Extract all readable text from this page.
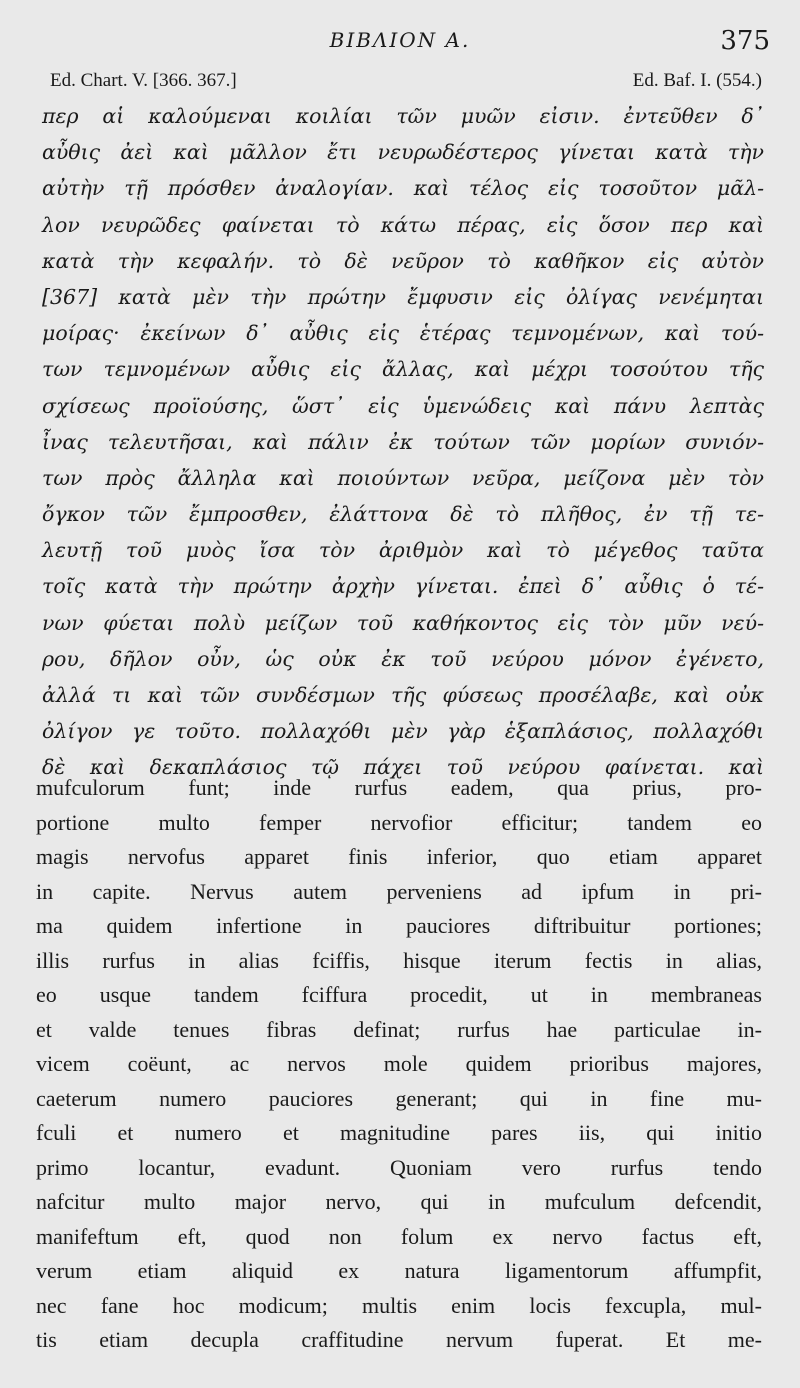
ΒΙΒΛΙΟΝ Α.	375
Ed. Chart. V. [366. 367.]	Ed. Baf. I. (554.)
περ αἱ καλούμεναι κοιλίαι τῶν μυῶν εἰσιν. ἐντεῦθεν δ᾽
αὖθις ἀεὶ καὶ μᾶλλον ἔτι νευρωδέστερος γίνεται κατὰ τὴν
αὐτὴν τῇ πρόσθεν ἀναλογίαν. καὶ τέλος εἰς τοσοῦτον μᾶλ-
λον νευρῶδες φαίνεται τὸ κάτω πέρας, εἰς ὅσον περ καὶ
κατὰ τὴν κεφαλήν. τὸ δὲ νεῦρον τὸ καθῆκον εἰς αὐτὸν
[367] κατὰ μὲν τὴν πρώτην ἔμφυσιν εἰς ὀλίγας νενέμηται
μοίρας· ἐκείνων δ᾽ αὖθις εἰς ἑτέρας τεμνομένων, καὶ τού-
των τεμνομένων αὖθις εἰς ἄλλας, καὶ μέχρι τοσούτου τῆς
σχίσεως προϊούσης, ὥστ᾽ εἰς ὑμενώδεις καὶ πάνυ λεπτὰς
ἶνας τελευτῆσαι, καὶ πάλιν ἐκ τούτων τῶν μορίων συνιόν-
των πρὸς ἄλληλα καὶ ποιούντων νεῦρα, μείζονα μὲν τὸν
ὄγκον τῶν ἔμπροσθεν, ἐλάττονα δὲ τὸ πλῆθος, ἐν τῇ τε-
λευτῇ τοῦ μυὸς ἴσα τὸν ἀριθμὸν καὶ τὸ μέγεθος ταῦτα
τοῖς κατὰ τὴν πρώτην ἀρχὴν γίνεται. ἐπεὶ δ᾽ αὖθις ὁ τέ-
νων φύεται πολὺ μείζων τοῦ καθήκοντος εἰς τὸν μῦν νεύ-
ρου, δῆλον οὖν, ὡς οὐκ ἐκ τοῦ νεύρου μόνον ἐγένετο,
ἀλλά τι καὶ τῶν συνδέσμων τῆς φύσεως προσέλαβε, καὶ οὐκ
ὀλίγον γε τοῦτο. πολλαχόθι μὲν γὰρ ἑξαπλάσιος, πολλαχόθι
δὲ καὶ δεκαπλάσιος τῷ πάχει τοῦ νεύρου φαίνεται. καὶ
mufculorum funt; inde rurfus eadem, qua prius, pro-
portione multo femper nervofior efficitur; tandem eo
magis nervofus apparet finis inferior, quo etiam apparet
in capite. Nervus autem perveniens ad ipfum in pri-
ma quidem infertione in pauciores diftribuitur portiones;
illis rurfus in alias fciffis, hisque iterum fectis in alias,
eo usque tandem fciffura procedit, ut in membraneas
et valde tenues fibras definat; rurfus hae particulae in-
vicem coëunt, ac nervos mole quidem prioribus majores,
caeterum numero pauciores generant; qui in fine mu-
fculi et numero et magnitudine pares iis, qui initio
primo locantur, evadunt. Quoniam vero rurfus tendo
nafcitur multo major nervo, qui in mufculum defcendit,
manifeftum eft, quod non folum ex nervo factus eft,
verum etiam aliquid ex natura ligamentorum affumpfit,
nec fane hoc modicum; multis enim locis fexcupla, mul-
tis etiam decupla craffitudine nervum fuperat. Et me-
